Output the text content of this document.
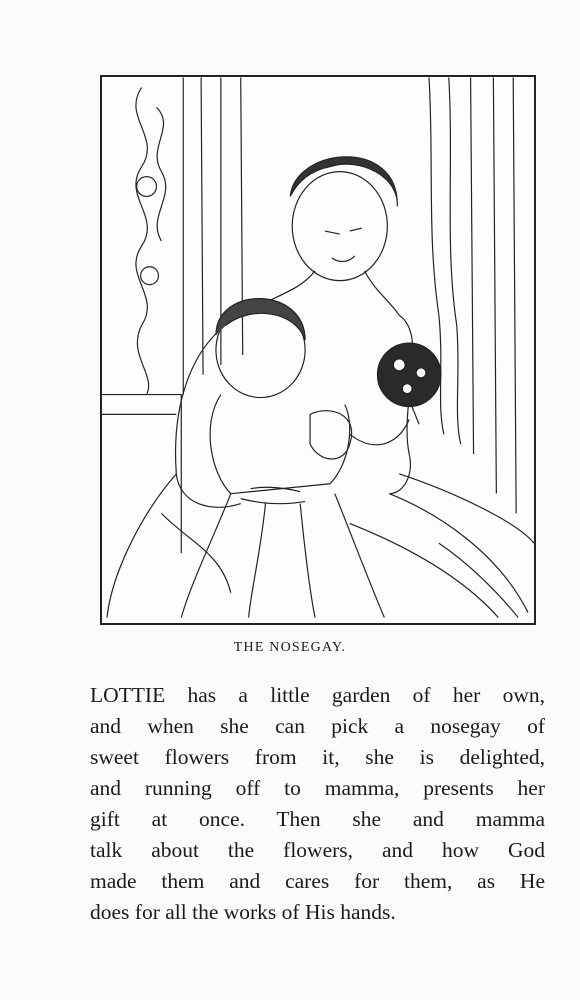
THE NOSEGAY.
LOTTIE has a little garden of her own,
and when she can pick a nosegay of
sweet flowers from it, she is delighted,
and running off to mamma, presents her
gift at once. Then she and mamma
talk about the flowers, and how God
made them and cares for them, as He
does for all the works of His hands.
